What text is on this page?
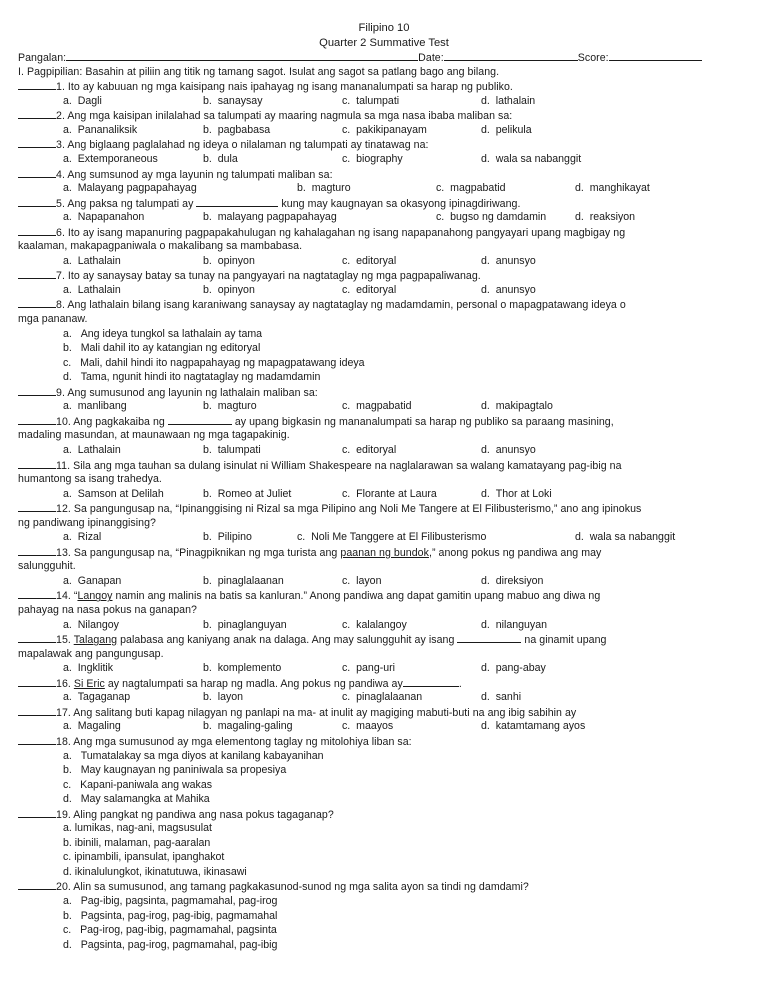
Filipino 10
Quarter 2 Summative Test
Pangalan:	Date:	Score:
I. Pagpipilian: Basahin at piliin ang titik ng tamang sagot. Isulat ang sagot sa patlang bago ang bilang.
1. Ito ay kabuuan ng mga kaisipang nais ipahayag ng isang mananalumpati sa harap ng publiko.
a. Dagli	b. sanaysay	c. talumpati	d. lathalain
2. Ang mga kaisipan inilalahad sa talumpati ay maaring nagmula sa mga nasa ibaba maliban sa:
a. Pananaliksik	b. pagbabasa	c. pakikipanayam	d. pelikula
3. Ang biglaang paglalahad ng ideya o nilalaman ng talumpati ay tinatawag na:
a. Extemporaneous	b. dula	c. biography	d. wala sa nabanggit
4. Ang sumsunod ay mga layunin ng talumpati maliban sa:
a. Malayang pagpapahayag	b. magturo	c. magpabatid	d. manghikayat
5. Ang paksa ng talumpati ay	kung may kaugnayan sa okasyong ipinagdiriwang.
a. Napapanahon	b. malayang pagpapahayag	c. bugso ng damdamin	d. reaksiyon
6. Ito ay isang mapanuring pagpapakahulugan ng kahalagahan ng isang napapanahong pangyayari upang magbigay ng
kaalaman, makapagpaniwala o makalibang sa mambabasa.
a. Lathalain	b. opinyon	c. editoryal	d. anunsyo
7. Ito ay sanaysay batay sa tunay na pangyayari na nagtataglay ng mga pagpapaliwanag.
a. Lathalain	b. opinyon	c. editoryal	d. anunsyo
8. Ang lathalain bilang isang karaniwang sanaysay ay nagtataglay ng madamdamin, personal o mapagpatawang ideya o
mga pananaw.
a. Ang ideya tungkol sa lathalain ay tama
b. Mali dahil ito ay katangian ng editoryal
c. Mali, dahil hindi ito nagpapahayag ng mapagpatawang ideya
d. Tama, ngunit hindi ito nagtataglay ng madamdamin
9. Ang sumusunod ang layunin ng lathalain maliban sa:
a. manlibang	b. magturo	c. magpabatid	d. makipagtalo
10. Ang pagkakaiba ng	ay upang bigkasin ng mananalumpati sa harap ng publiko sa paraang masining,
madaling masundan, at maunawaan ng mga tagapakinig.
a. Lathalain	b. talumpati	c. editoryal	d. anunsyo
11. Sila ang mga tauhan sa dulang isinulat ni William Shakespeare na naglalarawan sa walang kamatayang pag-ibig na
humantong sa isang trahedya.
a. Samson at Delilah	b. Romeo at Juliet	c. Florante at Laura	d. Thor at Loki
12. Sa pangungusap na, “Ipinanggising ni Rizal sa mga Pilipino ang Noli Me Tangere at El Filibusterismo,” ano ang ipinokus
ng pandiwang ipinanggising?
a. Rizal	b. Pilipino	c. Noli Me Tanggere at El Filibusterismo	d. wala sa nabanggit
13. Sa pangungusap na, “Pinagpiknikan ng mga turista ang paanan ng bundok,” anong pokus ng pandiwa ang may
salungguhit.
a. Ganapan	b. pinaglalaanan	c. layon	d. direksiyon
14. “Langoy namin ang malinis na batis sa kanluran.” Anong pandiwa ang dapat gamitin upang mabuo ang diwa ng
pahayag na nasa pokus na ganapan?
a. Nilangoy	b. pinaglanguyan	c. kalalangoy	d. nilanguyan
15. Talagang palabasa ang kaniyang anak na dalaga. Ang may salungguhit ay isang	na ginamit upang
mapalawak ang pangungusap.
a. Ingklitik	b. komplemento	c. pang-uri	d. pang-abay
16. Si Eric ay nagtalumpati sa harap ng madla. Ang pokus ng pandiwa ay	.
a. Tagaganap	b. layon	c. pinaglalaanan	d. sanhi
17. Ang salitang buti kapag nilagyan ng panlapi na ma- at inulit ay magiging mabuti-buti na ang ibig sabihin ay
a. Magaling	b. magaling-galing	c. maayos	d. katamtamang ayos
18. Ang mga sumusunod ay mga elementong taglay ng mitolohiya liban sa:
a. Tumatalakay sa mga diyos at kanilang kabayanihan
b. May kaugnayan ng paniniwala sa propesiya
c. Kapani-paniwala ang wakas
d. May salamangka at Mahika
19. Aling pangkat ng pandiwa ang nasa pokus tagaganap?
a. lumikas, nag-ani, magsusulat
b. ibinili, malaman, pag-aaralan
c. ipinambili, ipansulat, ipanghakot
d. ikinalulungkot, ikinatutuwa, ikinasawi
20. Alin sa sumusunod, ang tamang pagkakasunod-sunod ng mga salita ayon sa tindi ng damdami?
a. Pag-ibig, pagsinta, pagmamahal, pag-irog
b. Pagsinta, pag-irog, pag-ibig, pagmamahal
c. Pag-irog, pag-ibig, pagmamahal, pagsinta
d. Pagsinta, pag-irog, pagmamahal, pag-ibig
